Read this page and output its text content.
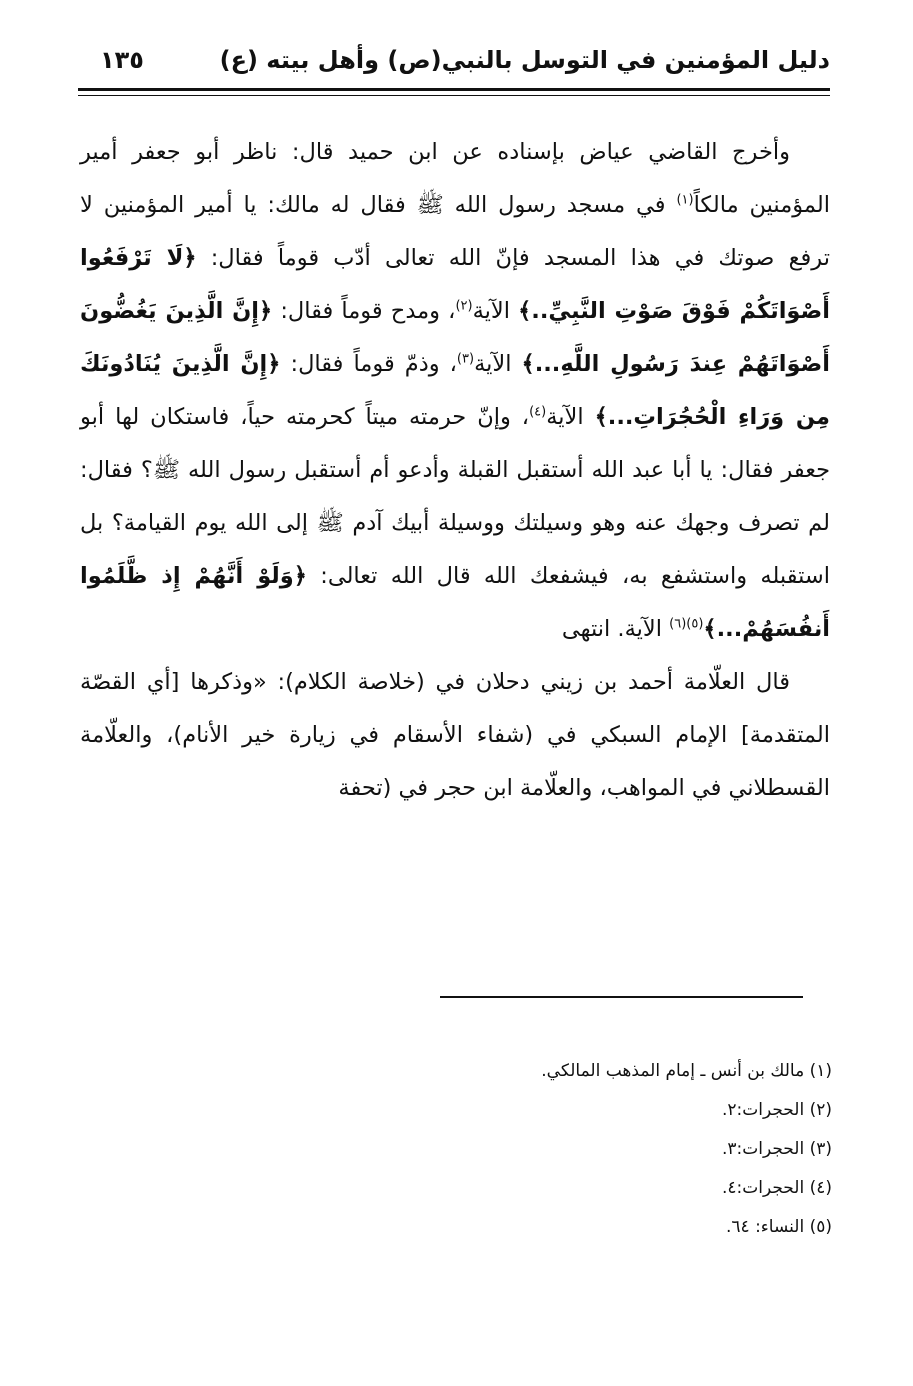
دليل المؤمنين في التوسل بالنبي(ص) وأهل بيته (ع)
١٣٥

وأخرج القاضي عياض بإسناده عن ابن حميد قال: ناظر أبو جعفر أمير المؤمنين مالكاً$^{(١)}$ في مسجد رسول الله ﷺ فقال له مالك: يا أمير المؤمنين لا ترفع صوتك في هذا المسجد فإنّ الله تعالى أدّب قوماً فقال: ﴿لَا تَرْفَعُوا أَصْوَاتَكُمْ فَوْقَ صَوْتِ النَّبِيِّ..﴾ الآية$^{(٢)}$، ومدح قوماً فقال: ﴿إِنَّ الَّذِينَ يَغُضُّونَ أَصْوَاتَهُمْ عِندَ رَسُولِ اللَّهِ...﴾ الآية$^{(٣)}$، وذمّ قوماً فقال: ﴿إِنَّ الَّذِينَ يُنَادُونَكَ مِن وَرَاءِ الْحُجُرَاتِ...﴾ الآية$^{(٤)}$، وإنّ حرمته ميتاً كحرمته حياً، فاستكان لها أبو جعفر فقال: يا أبا عبد الله أستقبل القبلة وأدعو أم أستقبل رسول الله ﷺ؟ فقال: لم تصرف وجهك عنه وهو وسيلتك ووسيلة أبيك آدم ﷺ إلى الله يوم القيامة؟ بل استقبله واستشفع به، فيشفعك الله قال الله تعالى: ﴿وَلَوْ أَنَّهُمْ إِذ ظَّلَمُوا أَنفُسَهُمْ...﴾$^{(٥)(٦)}$ الآية. انتهى

قال العلّامة أحمد بن زيني دحلان في (خلاصة الكلام): «وذكرها [أي القصّة المتقدمة] الإمام السبكي في (شفاء الأسقام في زيارة خير الأنام)، والعلّامة القسطلاني في المواهب، والعلّامة ابن حجر في (تحفة

(١) مالك بن أنس ـ إمام المذهب المالكي.
(٢) الحجرات:٢.
(٣) الحجرات:٣.
(٤) الحجرات:٤.
(٥) النساء: ٦٤.
